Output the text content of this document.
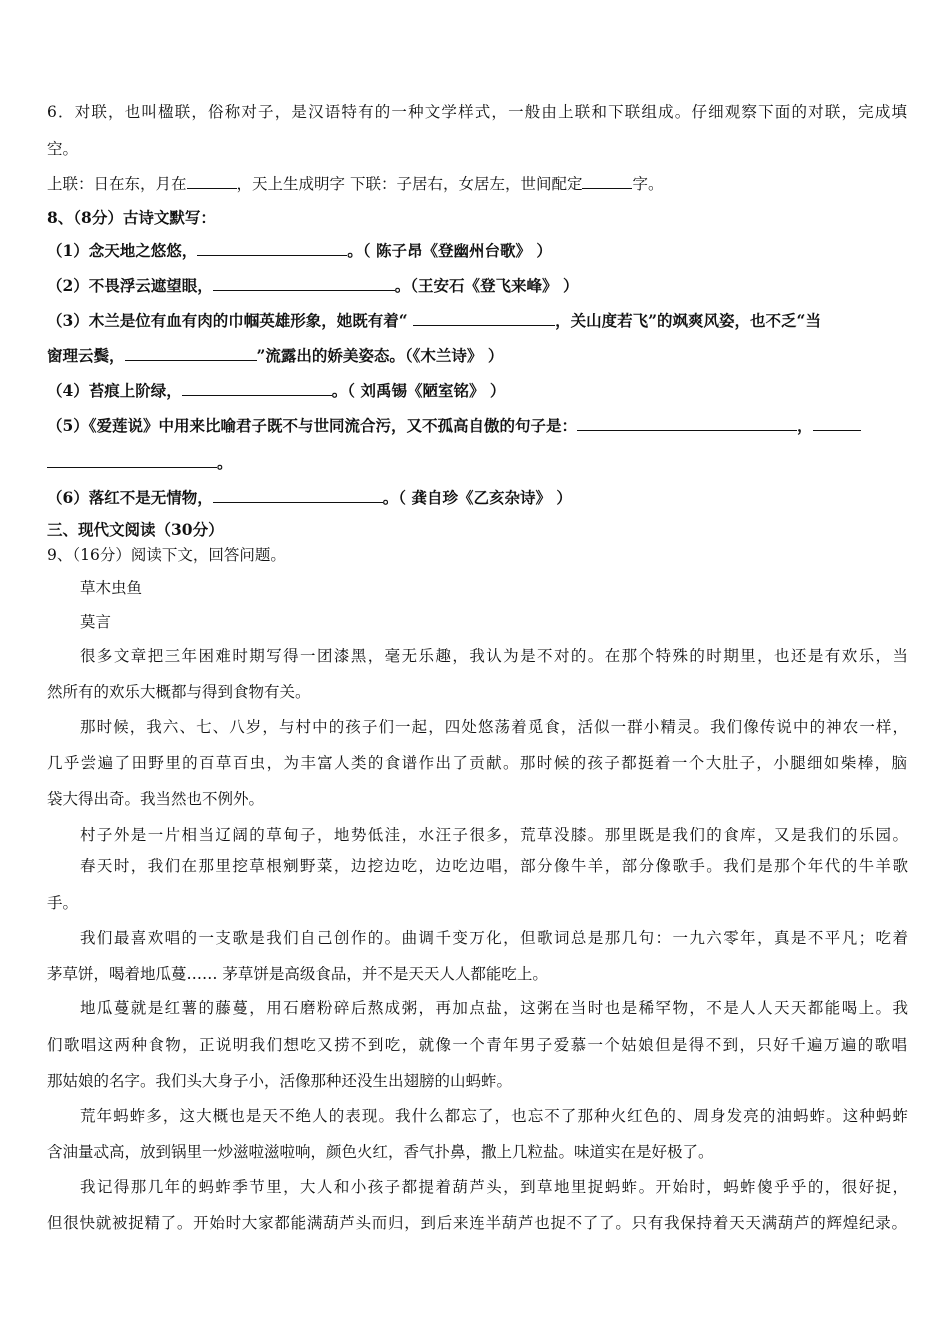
6．对联，也叫楹联，俗称对子，是汉语特有的一种文学样式，一般由上联和下联组成。仔细观察下面的对联，完成填
空。
上联：日在东，月在	，天上生成明字 下联：子居右，女居左，世间配定	字。
8、（8分）古诗文默写：
（1）念天地之悠悠，	。（ 陈子昂《登幽州台歌》 ）
（2）不畏浮云遮望眼，	。（王安石《登飞来峰》 ）
（3）木兰是位有血有肉的巾帼英雄形象，她既有着“	，关山度若飞”的飒爽风姿，也不乏“当
窗理云鬓，	”流露出的娇美姿态。（《木兰诗》 ）
（4）苔痕上阶绿，	。（ 刘禹锡《陋室铭》 ）
（5）《爱莲说》中用来比喻君子既不与世同流合污，又不孤高自傲的句子是：	，
。
（6）落红不是无情物，	。（ 龚自珍《乙亥杂诗》 ）
三、现代文阅读（30分）
9、（16分）阅读下文，回答问题。
草木虫鱼
莫言
很多文章把三年困难时期写得一团漆黑，毫无乐趣，我认为是不对的。在那个特殊的时期里，也还是有欢乐，当
然所有的欢乐大概都与得到食物有关。
那时候，我六、七、八岁，与村中的孩子们一起，四处悠荡着觅食，活似一群小精灵。我们像传说中的神农一样，
几乎尝遍了田野里的百草百虫，为丰富人类的食谱作出了贡献。那时候的孩子都挺着一个大肚子，小腿细如柴棒，脑
袋大得出奇。我当然也不例外。
村子外是一片相当辽阔的草甸子，地势低洼，水汪子很多，荒草没膝。那里既是我们的食库，又是我们的乐园。
春天时，我们在那里挖草根剜野菜，边挖边吃，边吃边唱，部分像牛羊，部分像歌手。我们是那个年代的牛羊歌
手。
我们最喜欢唱的一支歌是我们自己创作的。曲调千变万化，但歌词总是那几句：一九六零年，真是不平凡；吃着
茅草饼，喝着地瓜蔓…… 茅草饼是高级食品，并不是天天人人都能吃上。
地瓜蔓就是红薯的藤蔓，用石磨粉碎后熬成粥，再加点盐，这粥在当时也是稀罕物，不是人人天天都能喝上。我
们歌唱这两种食物，正说明我们想吃又捞不到吃，就像一个青年男子爱慕一个姑娘但是得不到，只好千遍万遍的歌唱
那姑娘的名字。我们头大身子小，活像那种还没生出翅膀的山蚂蚱。
荒年蚂蚱多，这大概也是天不绝人的表现。我什么都忘了，也忘不了那种火红色的、周身发亮的油蚂蚱。这种蚂蚱
含油量忒高，放到锅里一炒滋啦滋啦响，颜色火红，香气扑鼻，撒上几粒盐。味道实在是好极了。
我记得那几年的蚂蚱季节里，大人和小孩子都提着葫芦头，到草地里捉蚂蚱。开始时，蚂蚱傻乎乎的，很好捉，
但很快就被捉精了。开始时大家都能满葫芦头而归，到后来连半葫芦也捉不了了。只有我保持着天天满葫芦的辉煌纪录。
